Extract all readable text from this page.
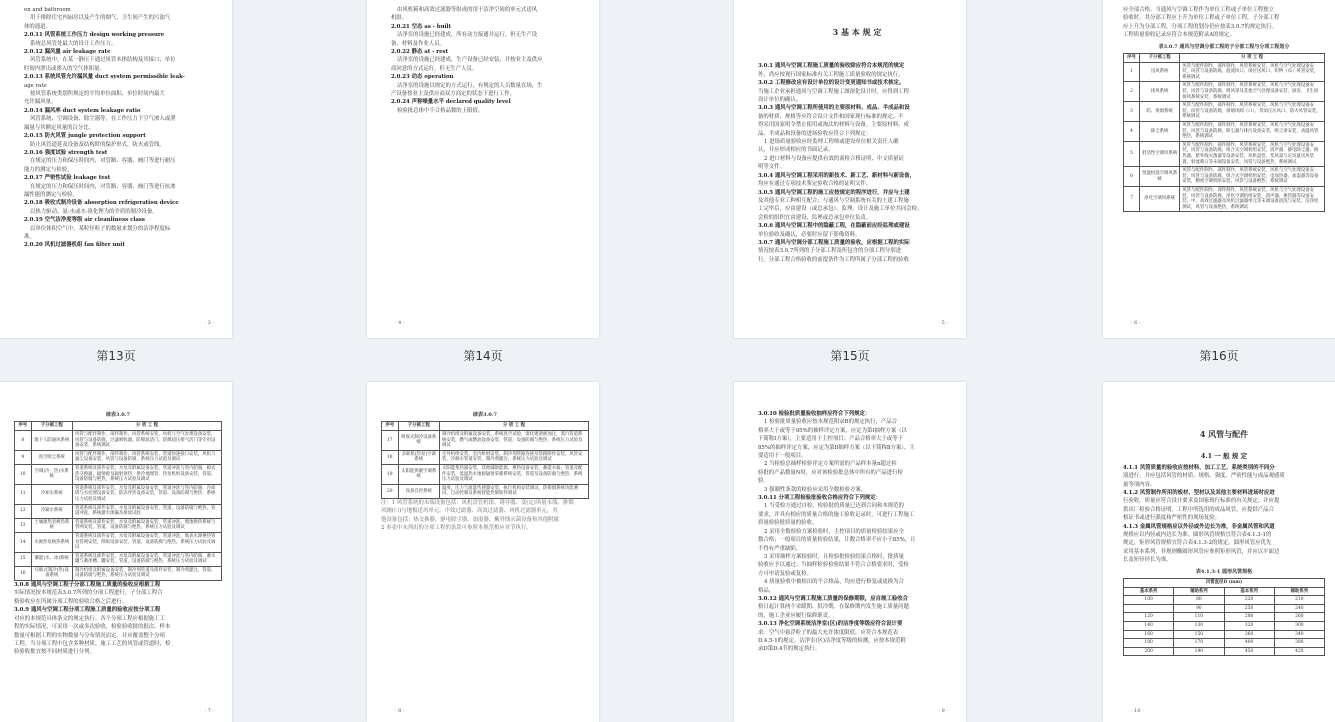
en and bathroom

用于排除住宅内厨房以及产生的烟气、卫生间产生的污浊气

体的通道。

2.0.11 风管系统工作压力 design working pressure

系统总风管处最大的设计工作压力。

2.0.12 漏风量 air leakage rate

风管系统中，在某一静压下通过风管本体结构及其接口，单位

时间内泄出或渗入的空气体积量。

2.0.13 系统风管允许漏风量 duct system permissible leak-

age rate

按风管系统类别所规定的平均单位面积、单位时间内最大

允许漏风量。

2.0.14 漏风率 duct system leakage ratio

风管系统、空调设备、除尘器等，在工作压力下空气渗入或泄

漏量与其额定风量的百分比。

2.0.15 防火风管 jungle protection support

防止风管道延及设备及结构时的保护形式，防火或管线。

2.0.16 强度试验 strength test

在规定的压力和保压时间内，对管路、容器、阀门等进行耐压

能力的测定与检验。

2.0.17 严密性试验 leakage test

在规定的压力和保压时间内，对管路、容器、阀门等进行抗渗

漏性能的测定与检验。

2.0.18 吸收式制冷设备 absorption refrigeration device

以热力驱动、氨-水或水-溴化锂为的介质的制冷设备。

2.0.19 空气洁净度等级 air cleanliness class

以单位体积空气中，某粒径粒子的数量来划分的洁净程度标

准。

2.0.20 风机过滤器机组 fan filter unit

· 3 ·
第13页

由风机箱和高效过滤器等组成的用于洁净空间的单元式送风

机组。

2.0.21 空态 as - built

洁净室的设施已经建成，所有动力接通并运行，但无生产设

备、材料及作业人员。

2.0.22 静态 at - rest

洁净室的设施已经建成，生产设备已经安装，并按业主及供应

商同意的方式运行，但无生产人员。

2.0.23 动态 operation

洁净室的设施以规定的方式运行，有规定的人员数量在场，生

产设备按业主及供应商双方商定的状态下进行工作。

2.0.24 声称噪量水平 declared quality level

检验批总体中不合格品数的上限值。

· 4 ·
第14页
3 基 本 规 定

3.0.1 通风与空调工程施工质量的验收除应符合本规范的规定

外，尚应按现行国家标准有关工程施工质量验收的规定执行。

3.0.2 工程修改应有设计单位的设计变更通知书或技术核定。

当施工企业承担通风与空调工程施工图深化设计时，应得到工程

设计单位的确认。

3.0.3 通风与空调工程所使用的主要原材料、成品、半成品和设

备的材质、规格等应符合设计文件和国家现行标准的规定，不

得采用国家明令禁止使用或淘汰的材料与设备。主要原材料、成

品、半成品和设备的进场验收应符合下列规定：

1 进场质量验收应经监理工程师或建设单位相关责任人确

认，并应形成相应的书面记录。

2 进口材料与设备应提供有效的商检合格证明、中文质量证

明等文件。

3.0.4 通风与空调工程采用的新技术、新工艺、新材料与新设备，

均应有通过专项技术鉴定验收合格的证明文件。

3.0.5 通风与空调工程的施工应按规定的程序进行，并应与土建

及其他专业工种相互配合；与通风与空调系统有关的土建工程施

工完毕后，应由建设（或总承包）、监理、设计及施工单位共同会检。

会检的组织宜由建设、监理或总承包单位负责。

3.0.6 通风与空调工程中的隐蔽工程，在隐蔽前应经监理或建设

单位验收及确认，必要时应留下影像资料。

3.0.7 通风与空调分部工程施工质量的验收，应根据工程的实际

情况按表3.0.7所列的子分部工程及所包含的分项工程分别进

行。分部工程合格验收的前提条件为工程所属子分部工程的验收

· 5 ·
第15页

应全部合格。当通风与空调工程作为单位工程或子单位工程独立

验收时，其分部工程应上升为单位工程或子单位工程，子分部工程

应上升为分部工程，分项工程的划分仍应按表3.0.7的规定执行。

工程质量验收记录应符合本规范附录A的规定。

表3.0.7 通风与空调分部工程的子分部工程与分项工程划分
序号	子分部工程	分 项 工 程
1	送风系统	风管与配件制作，部件制作，风管系统安装，风机与空气处理设备安装，风管与设备防腐，旋流风口、岗位送风口、织物（布）风管安装，系统调试
2	排风系统	风管与配件制作，部件制作，风管系统安装，风机与空气处理设备安装，风管与设备防腐，吸风罩及其他空气处理设备安装，厨房、卫生间排风系统安装，系统调试
3	防、排烟系统	风管与配件制作，部件制作，风管系统安装，风机与空气处理设备安装，风管与设备防腐，排烟风阀（口）、常闭正压风口、防火风管安装，系统调试
4	除尘系统	风管与配件制作，部件制作，风管系统安装，风机与空气处理设备安装，风管与设备防腐，除尘器与排污设备安装，吸尘罩安装，高温风管绝热，系统调试
5	舒适性空调风系统	风管与配件制作，部件制作，风管系统安装，风机与空气处理设备安装，风管与设备防腐，组合式空调机组安装，消声器、静电除尘器、换热器、紫外线灭菌器等设备安装，风机盘管、变风量与定风量送风装置、射流喷口等末端设备安装，风管与设备绝热，系统调试
6	恒温恒湿空调风系统	风管与配件制作，部件制作，风管系统安装，风机与空气处理设备安装，风管与设备防腐，组合式空调机组安装，电加热器、加湿器等设备安装，精密空调机组安装，风管与设备绝热，系统调试
7	净化空调风系统	风管与配件制作，部件制作，风管系统安装，风机与空气处理设备安装，风管与设备防腐，净化空调机组安装，消声器、换热器等设备安装，中、高效过滤器及风机过滤器单元等末端设备清洗与安装，洁净度测试，风管与设备绝热，系统调试
· 6 ·
第16页
续表3.0.7
序号	子分部工程	分 项 工 程
8	地下人防通风系统	风管与配件制作，部件制作，风管系统安装，风机与空气处理设备安装，风管与设备防腐，过滤吸收器、防爆波活门、防爆超压排气活门等专用设备安装，系统调试
9	真空吸尘系统	风管与配件制作，部件制作，风管系统安装，管道快速接口安装，风机与滤尘设备安装，风管与设备防腐，系统压力试验及调试
10	空调(冷、热)水系统	管道系统及部件安装，水泵及附属设备安装，管道冲洗与管内防腐，板式热交换器，辐射板及辐射供热、供冷地埋管，热泵机组设备安装，管道、设备防腐与绝热，系统压力试验及调试
11	冷却水系统	管道系统及部件安装，水泵及附属设备安装，管道冲洗与管内防腐，冷却塔与水处理设备安装，防冻伴热设备安装，管道、设备防腐与绝热，系统压力试验及调试
12	冷凝水系统	管道系统及部件安装，水泵及附属设备安装，管道、设备防腐与绝热，管道冲洗，系统灌水渗漏及排放试验
13	土壤源热泵换热系统	管道系统及部件安装，水泵及附属设备安装，管道冲洗，埋地换热系统与管网安装，管道、设备防腐与绝热，系统压力试验及调试
14	水源热泵换热系统	管道系统及部件安装，水泵及附属设备安装，管道冲洗，地表水源换热管及管网安装，除垢设备安装，管道、设备防腐与绝热，系统压力试验及调试
15	蓄能(水、冰)系统	管道系统及部件安装，水泵及附属设备安装，管道冲洗与管内防腐，蓄水罐与蓄冰槽、罐安装，管道、设备防腐与绝热，系统压力试验及调试
16	压缩式制冷(热)设备系统	制冷机组及附属设备安装，制冷剂管道及部件安装，制冷剂灌注，管道、设备防腐与绝热，系统压力试验及调试

3.0.8 通风与空调工程子分部工程施工质量的验收应根据工程

实际情况按本规范表3.0.7所列的分项工程进行。子分部工程合

格验收应在所属分项工程的验收合格之后进行。

3.0.9 通风与空调工程分项工程施工质量的验收应按分项工程

对应的本规范具体条文的规定执行。各个分项工程应根据施工工

程的实际情况，可采用一次或多次验收，检验验收批的批次、样本

数量可根据工程的实物数量与分布情况而定，并应覆盖整个分项

工程。当分项工程中包含多种材质、施工工艺的风管或管道时，检

验验收批宜按不同材质进行分列。

· 7 ·
续表3.0.7
序号	子分部工程	分 项 工 程
17	吸收式制冷设备系统	制冷机组及附属设备安装，系统真空试验，溴化锂溶液加注，蒸汽管道系统安装，燃气或燃油设备安装，管道、设备防腐与绝热，系统压力试验及调试
18	多联机(热泵)空调系统	室外机组安装，室内机组安装，制冷剂管路连接及管路附件安装，风管安装，冷凝水管道安装，制冷剂灌注，系统压力试验及调试
19	太阳能供暖空调系统	太阳能集热器安装，其他辅助能源、换热设备安装，蓄能水箱、管道及配件安装，低温热水地板辐射采暖系统安装，管道及设备防腐与绝热，系统压力试验及调试
20	设备自控系统	温度、压力与流量传感器安装，执行机构安装调试，防排烟系统功能测试，自动控制及系统智能控制软件调试

注：1 风管系统的末端设备包括：风机盘管机组、诱导器、变(定)风量末端、排烟

风阀(口)与地板送风单元、中效过滤器、高效过滤器、风机过滤器单元，其

他设备包括：热交换器、静电除尘器、加湿器、紫外线灭菌设备和其他附属

2 本表中未列出的分项工程的条款可参照本规范相应章节执行。

· 8 ·

3.0.10 检验批质量验收抽样应符合下列规定：

1 检验批质量验收应按本规范附录B的规定执行，产品合

格率大于或等于95%的抽样评定方案，应定为第Ⅰ抽样方案（以

下简称Ⅰ方案），主要适用于主控项目；产品合格率大于或等于

85%的抽样评定方案，应定为第Ⅱ抽样方案（以下简称Ⅱ方案），主

要适用于一般项目。

2 当检验总抽样检验评定方案所需的产品样本量n超过检

验批的产品数量N时，应对该检验批总体中所有的产品进行检

验。

3 强制性条款的检验应采用全数检验方案。

3.0.11 分项工程检验批验收合格应符合下列规定：

1 当受检方通过自检，检验批的质量已达到合同和本规范的

要求，并具有相应的质量合格的施工验收记录时，可进行工程施工

质量检验批质量的验收。

2 采用全数检验方案检验时，主控项目的质量检验结果应全

数合格；一般项目的质量检验结果，计数合格率不应小于85%，且

不得有严重缺陷。

3 采用抽样方案检验时，且检验批检验结果合格时，批质量

验收应予以通过；当抽样检验检验结果不符合合格要求时，受检

方可申请复验或复检。

4 质量验收中被检出的不合格品，均应进行修复或更换为合

格品。

3.0.12 通风与空调工程施工质量的保修期限，应自竣工验收合

格日起计算两个采暖期、供冷期。在保修期内发生施工质量问题

的，施工企业应履行保修职责。

3.0.13 净化空调系统洁净室(区)的洁净度等级应符合设计要

求。空气中悬浮粒子的最大允许浓度限值，应符合本规范表

D.4.5-1的规定。洁净室(区)洁净度等级的检测，应按本规范附

录D第D.4节的规定执行。

· 9 ·
4 风管与配件
4.1 一 般 规 定

4.1.1 风管质量的验收应按材料、加工工艺、系统类别的不同分

别进行，并应包括风管的材质、规格、强度、严密性能与成品观感质

量等项内容。

4.1.2 风管制作所用的板材、型材以及其他主要材料进场时应进

行验收，质量应符合设计要求及国家现行标准的有关规定，并应提

供出厂检验合格证明。工程中所选用的成品风管，应提供产品合

格证书或进行强度和严密性的现场复验。

4.1.3 金属风管规格应以外径或外边长为准，非金属风管和风道

规格应以内径或内边长为准。圆形风管规格宜符合表4.1.3-1的

规定，矩形风管规格宜符合表4.1.3-2的规定。圆形风管应优先

采用基本系列，非规则椭圆形风管应参照矩形风管，并应以平面边

长及短径径长为准。

表4.1.3-1 圆形风管规格
风管直径D (mm)			
基本系列	辅助系列	基本系列	辅助系列
100	80	220	210
	90	250	240
120	110	280	260
140	130	320	300
160	150	360	340
180	170	400	380
200	190	450	420
· 10 ·
